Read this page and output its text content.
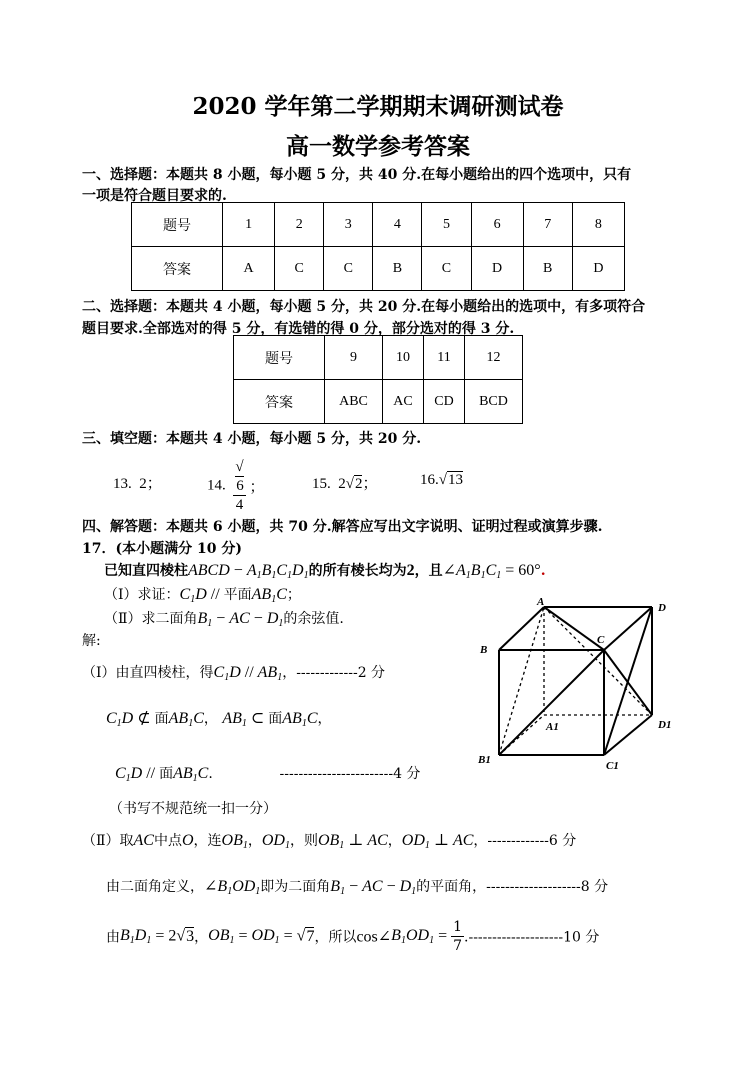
2020 学年第二学期期末调研测试卷
高一数学参考答案
一、选择题：本题共 8 小题，每小题 5 分，共 40 分.在每小题给出的四个选项中，只有
一项是符合题目要求的.
题号	1	2	3	4	5	6	7	8
答案	A	C	C	B	C	D	B	D
二、选择题：本题共 4 小题，每小题 5 分，共 20 分.在每小题给出的选项中，有多项符合
题目要求.全部选对的得 5 分，有选错的得 0 分，部分选对的得 3 分.
题号	9	10	11	12
答案	ABC	AC	CD	BCD
三、填空题：本题共 4 小题，每小题 5 分，共 20 分.
13. 2；	14. √
6
4 ；	15. 2√2；	16.√13
四、解答题：本题共 6 小题，共 70 分.解答应写出文字说明、证明过程或演算步骤.
17．(本小题满分 10 分)
已知直四棱柱ABCD − $A_1B_1C_1D_1$的所有棱长均为2，且$\angle A_1B_1C_1 = 60^\circ$.
（Ⅰ）求证：$C_1D$ // 平面$AB_1C$；
（Ⅱ）求二面角$B_1$ − AC − $D_1$的余弦值.
解:
（Ⅰ）由直四棱柱，得$C_1D // AB_1$，-------------2 分
$C_1D$ ⊄ 面$AB_1C$， $AB_1$ ⊂ 面$AB_1C$，
$C_1D$ // 面$AB_1C$.               ------------------------4 分
（书写不规范统一扣一分）
（Ⅱ）取AC中点O，连$OB_1$，$OD_1$，则$OB_1$ ⊥ AC，$OD_1$ ⊥ AC，-------------6 分
由二面角定义，$\angle B_1OD_1$即为二面角$B_1$ − AC − $D_1$的平面角，--------------------8 分
由$B_1D_1 = 2√3$，$OB_1 = OD_1 = √7$，所以$\cos\angle B_1OD_1 = \frac{1}{7} .--------------------10$ 分
A
B
C
D
A1
B1	C1
D1
